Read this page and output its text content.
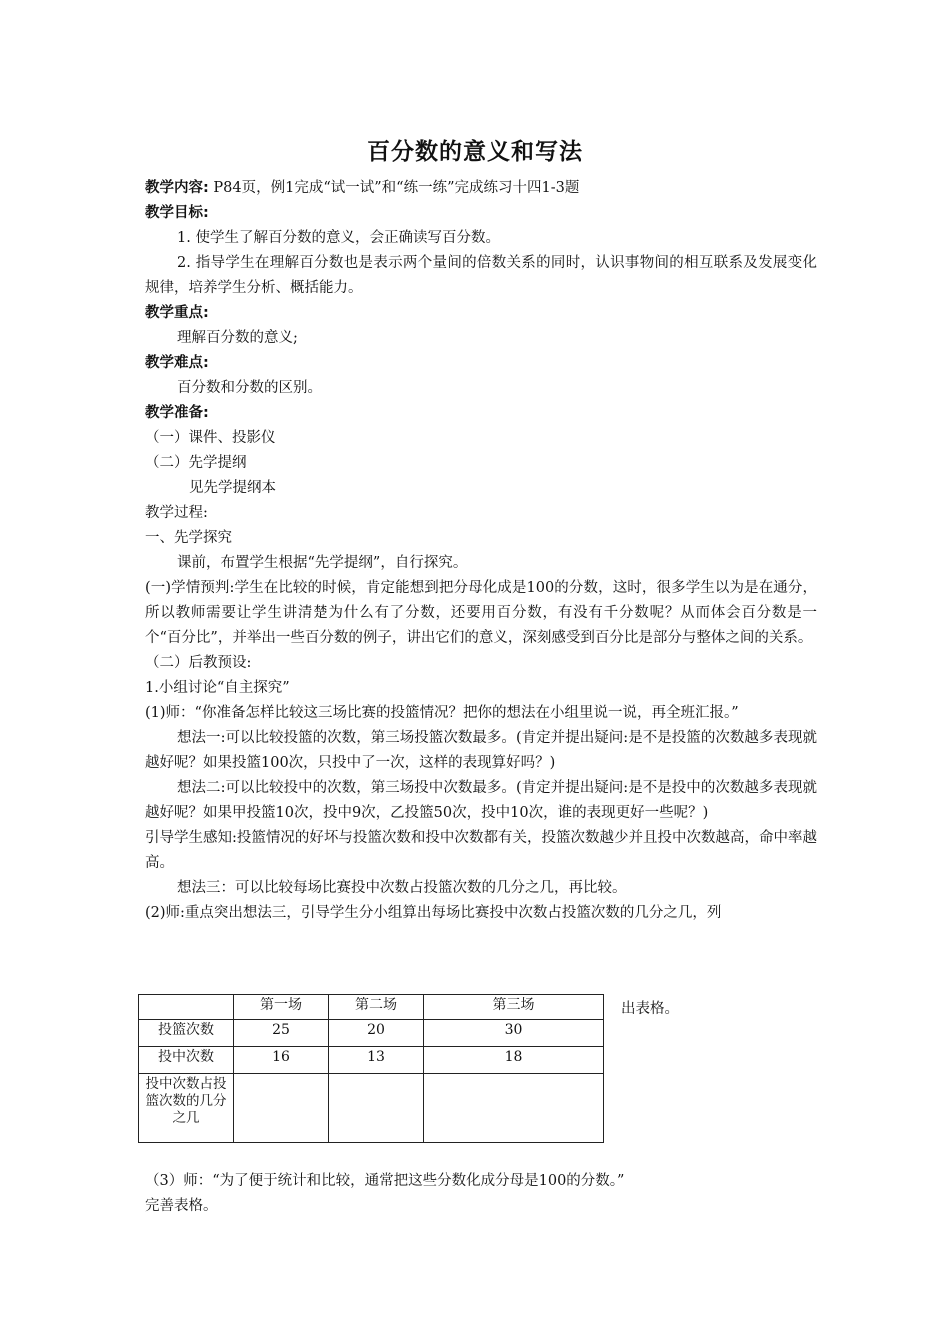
百分数的意义和写法
教学内容: P84页，例1完成“试一试”和“练一练”完成练习十四1-3题
教学目标:
1. 使学生了解百分数的意义，会正确读写百分数。
2. 指导学生在理解百分数也是表示两个量间的倍数关系的同时，认识事物间的相互联系及发展变化规律，培养学生分析、概括能力。
教学重点:
理解百分数的意义;
教学难点:
百分数和分数的区别。
教学准备:
（一）课件、投影仪
（二）先学提纲
见先学提纲本
教学过程:
一、先学探究
课前，布置学生根据“先学提纲”，自行探究。
(一)学情预判:学生在比较的时候，肯定能想到把分母化成是100的分数，这时，很多学生以为是在通分，所以教师需要让学生讲清楚为什么有了分数，还要用百分数，有没有千分数呢？从而体会百分数是一个“百分比”，并举出一些百分数的例子，讲出它们的意义，深刻感受到百分比是部分与整体之间的关系。
（二）后教预设:
1.小组讨论“自主探究”
(1)师：“你准备怎样比较这三场比赛的投篮情况？把你的想法在小组里说一说，再全班汇报。”
想法一:可以比较投篮的次数，第三场投篮次数最多。(肯定并提出疑问:是不是投篮的次数越多表现就越好呢？如果投篮100次，只投中了一次，这样的表现算好吗？)
想法二:可以比较投中的次数，第三场投中次数最多。(肯定并提出疑问:是不是投中的次数越多表现就越好呢？如果甲投篮10次，投中9次，乙投篮50次，投中10次，谁的表现更好一些呢？)
引导学生感知:投篮情况的好坏与投篮次数和投中次数都有关，投篮次数越少并且投中次数越高，命中率越高。
想法三：可以比较每场比赛投中次数占投篮次数的几分之几，再比较。
(2)师:重点突出想法三，引导学生分小组算出每场比赛投中次数占投篮次数的几分之几，列
	第一场	第二场	第三场
投篮次数	25	20	30
投中次数	16	13	18
投中次数占投篮次数的几分之几			
出表格。
（3）师：“为了便于统计和比较，通常把这些分数化成分母是100的分数。”
完善表格。
